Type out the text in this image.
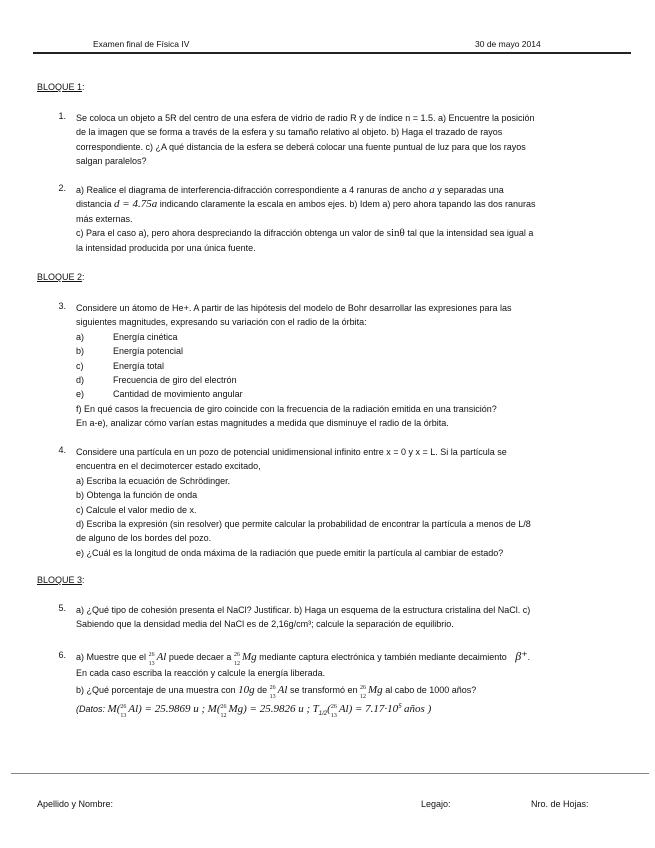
Examen final de Física IV	30 de mayo 2014
BLOQUE 1:
1. Se coloca un objeto a 5R del centro de una esfera de vidrio de radio R y de índice n = 1.5. a) Encuentre la posición
de la imagen que se forma a través de la esfera y su tamaño relativo al objeto. b) Haga el trazado de rayos
correspondiente. c) ¿A qué distancia de la esfera se deberá colocar una fuente puntual de luz para que los rayos
salgan paralelos?
2. a) Realice el diagrama de interferencia-difracción correspondiente a 4 ranuras de ancho a y separadas una
distancia d = 4.75a indicando claramente la escala en ambos ejes. b) Idem a) pero ahora tapando las dos ranuras
más externas.
c) Para el caso a), pero ahora despreciando la difracción obtenga un valor de sinθ tal que la intensidad sea igual a
la intensidad producida por una única fuente.
BLOQUE 2:
3. Considere un átomo de He+. A partir de las hipótesis del modelo de Bohr desarrollar las expresiones para las
siguientes magnitudes, expresando su variación con el radio de la órbita:
a)	Energía cinética
b)	Energía potencial
c)	Energía total
d)	Frecuencia de giro del electrón
e)	Cantidad de movimiento angular
f) En qué casos la frecuencia de giro coincide con la frecuencia de la radiación emitida en una transición?
En a-e), analizar cómo varían estas magnitudes a medida que disminuye el radio de la órbita.
4. Considere una partícula en un pozo de potencial unidimensional infinito entre x = 0 y x = L. Si la partícula se
encuentra en el decimotercer estado excitado,
a) Escriba la ecuación de Schrödinger.
b) Obtenga la función de onda
c) Calcule el valor medio de x.
d) Escriba la expresión (sin resolver) que permite calcular la probabilidad de encontrar la partícula a menos de L/8
de alguno de los bordes del pozo.
e) ¿Cuál es la longitud de onda máxima de la radiación que puede emitir la partícula al cambiar de estado?
BLOQUE 3:
5. a) ¿Qué tipo de cohesión presenta el NaCl? Justificar. b) Haga un esquema de la estructura cristalina del NaCl. c)
Sabiendo que la densidad media del NaCl es de 2,16g/cm³; calcule la separación de equilibrio.
6. a) Muestre que el 26
13
Al puede decaer a 26
12
Mg mediante captura electrónica y también mediante decaimiento β⁺.
En cada caso escriba la reacción y calcule la energía liberada.
b) ¿Qué porcentaje de una muestra con 10g de 26
13
Al se transformó en 26
12
Mg al cabo de 1000 años?
(Datos: M( 26
13
Al) = 25.9869 u ; M( 26
12
Mg) = 25.9826 u ; $T_{1/2}$( 26
13
$Al) = 7.17\cdot 10^5$ años )
Apellido y Nombre:	Legajo:	Nro. de Hojas:
